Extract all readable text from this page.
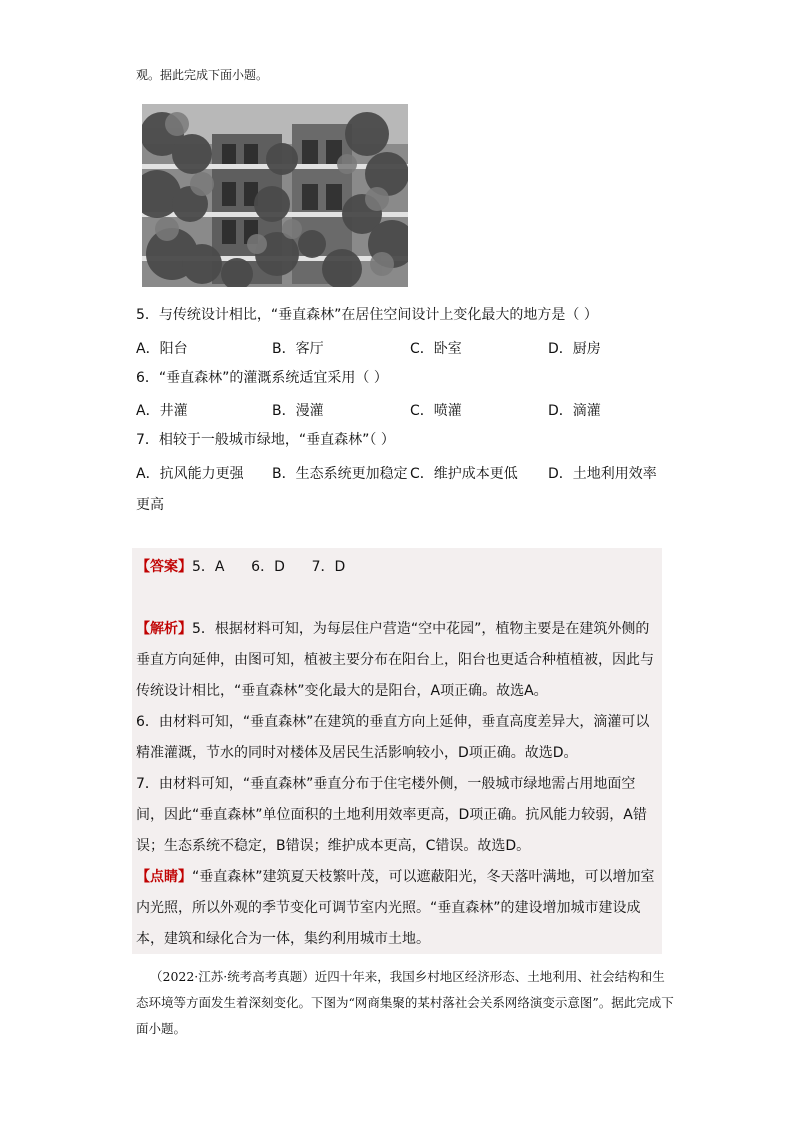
观。据此完成下面小题。
5．与传统设计相比，“垂直森林”在居住空间设计上变化最大的地方是（ ）
A．阳台	B．客厅	C．卧室	D．厨房
6．“垂直森林”的灌溉系统适宜采用（ ）
A．井灌	B．漫灌	C．喷灌	D．滴灌
7．相较于一般城市绿地，“垂直森林”（ ）
A．抗风能力更强 B．生态系统更加稳定 C．维护成本更低 D．土地利用效率
更高
【答案】5．A      6．D      7．D
【解析】5．根据材料可知，为每层住户营造“空中花园”，植物主要是在建筑外侧的垂直方向延伸，由图可知，植被主要分布在阳台上，阳台也更适合种植植被，因此与传统设计相比，“垂直森林”变化最大的是阳台，A项正确。故选A。
6．由材料可知，“垂直森林”在建筑的垂直方向上延伸，垂直高度差异大，滴灌可以精准灌溉，节水的同时对楼体及居民生活影响较小，D项正确。故选D。
7．由材料可知，“垂直森林”垂直分布于住宅楼外侧，一般城市绿地需占用地面空间，因此“垂直森林”单位面积的土地利用效率更高，D项正确。抗风能力较弱，A错误；生态系统不稳定，B错误；维护成本更高，C错误。故选D。
【点睛】“垂直森林”建筑夏天枝繁叶茂，可以遮蔽阳光，冬天落叶满地，可以增加室内光照，所以外观的季节变化可调节室内光照。“垂直森林”的建设增加城市建设成本，建筑和绿化合为一体，集约利用城市土地。
（2022·江苏·统考高考真题）近四十年来，我国乡村地区经济形态、土地利用、社会结构和生态环境等方面发生着深刻变化。下图为“网商集聚的某村落社会关系网络演变示意图”。据此完成下面小题。
